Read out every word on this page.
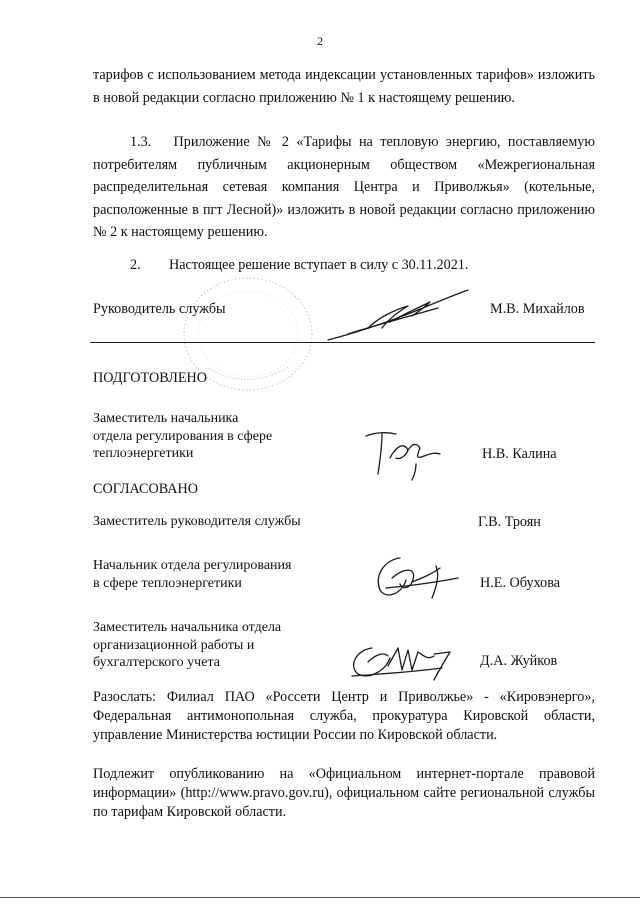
2

тарифов с использованием метода индексации установленных тарифов» изложить в новой редакции согласно приложению № 1 к настоящему решению.

1.3. Приложение № 2 «Тарифы на тепловую энергию, поставляемую потребителям публичным акционерным обществом «Межрегиональная распределительная сетевая компания Центра и Приволжья» (котельные, расположенные в пгт Лесной)» изложить в новой редакции согласно приложению № 2 к настоящему решению.

2. Настоящее решение вступает в силу с 30.11.2021.

Руководитель службы	М.В. Михайлов
ПОДГОТОВЛЕНО
Заместитель начальника
отдела регулирования в сфере
теплоэнергетики	Н.В. Калина
СОГЛАСОВАНО
Заместитель руководителя службы	Г.В. Троян
Начальник отдела регулирования
в сфере теплоэнергетики	Н.Е. Обухова
Заместитель начальника отдела
организационной работы и
бухгалтерского учета	Д.А. Жуйков

Разослать: Филиал ПАО «Россети Центр и Приволжье» - «Кировэнерго», Федеральная антимонопольная служба, прокуратура Кировской области, управление Министерства юстиции России по Кировской области.

Подлежит опубликованию на «Официальном интернет-портале правовой информации» (http://www.pravo.gov.ru), официальном сайте региональной службы по тарифам Кировской области.
